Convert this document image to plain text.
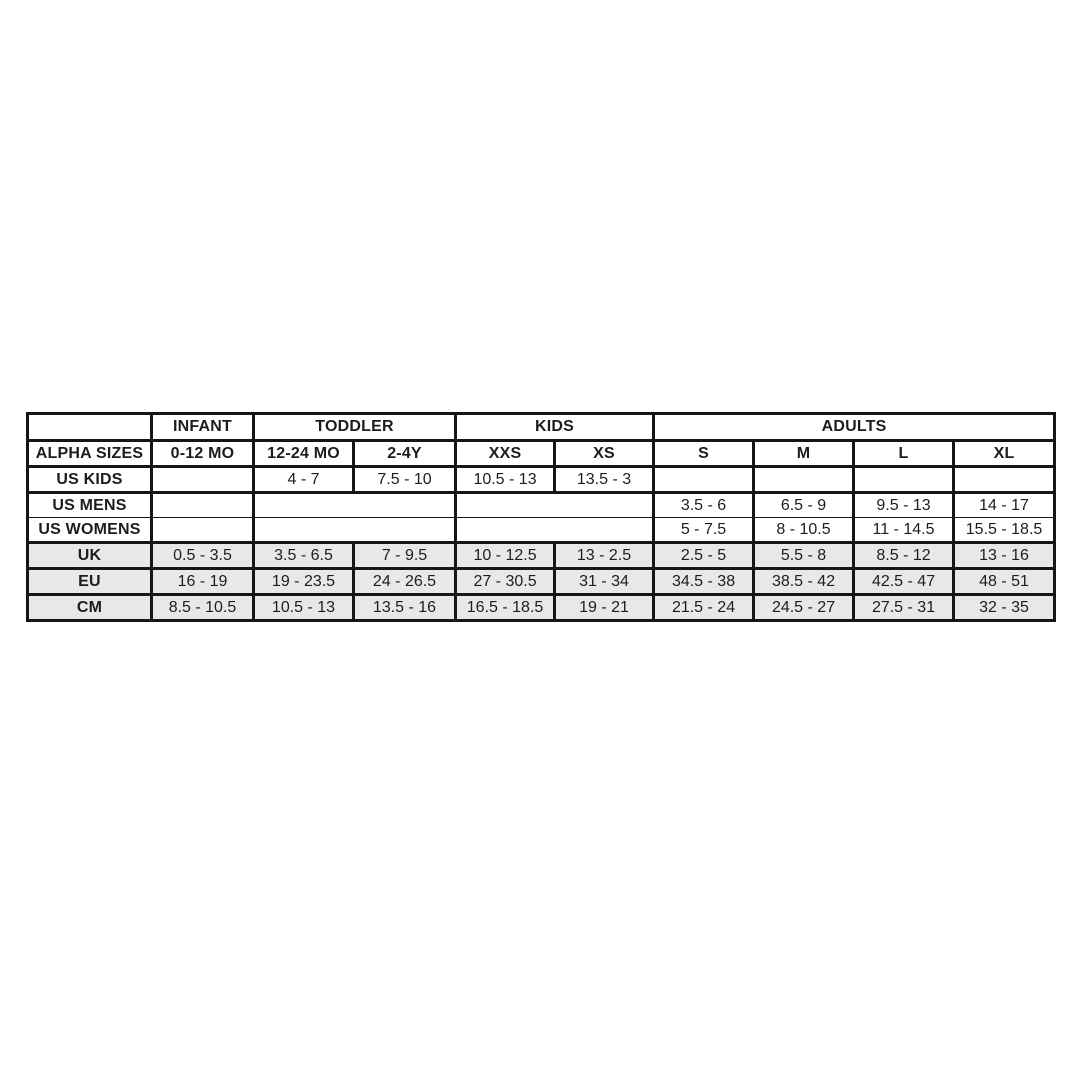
	INFANT	TODDLER		KIDS		ADULTS			
ALPHA SIZES	0-12 MO	12-24 MO	2-4Y	XXS	XS	S	M	L	XL
US KIDS		4 - 7	7.5 - 10	10.5 - 13	13.5 - 3				
US MENS						3.5 - 6	6.5 - 9	9.5 - 13	14 - 17
US WOMENS						5 - 7.5	8 - 10.5	11 - 14.5	15.5 - 18.5
UK	0.5 - 3.5	3.5 - 6.5	7 - 9.5	10 - 12.5	13 - 2.5	2.5 - 5	5.5 - 8	8.5 - 12	13 - 16
EU	16 - 19	19 - 23.5	24 - 26.5	27 - 30.5	31 - 34	34.5 - 38	38.5 - 42	42.5 - 47	48 - 51
CM	8.5 - 10.5	10.5 - 13	13.5 - 16	16.5 - 18.5	19 - 21	21.5 - 24	24.5 - 27	27.5 - 31	32 - 35
